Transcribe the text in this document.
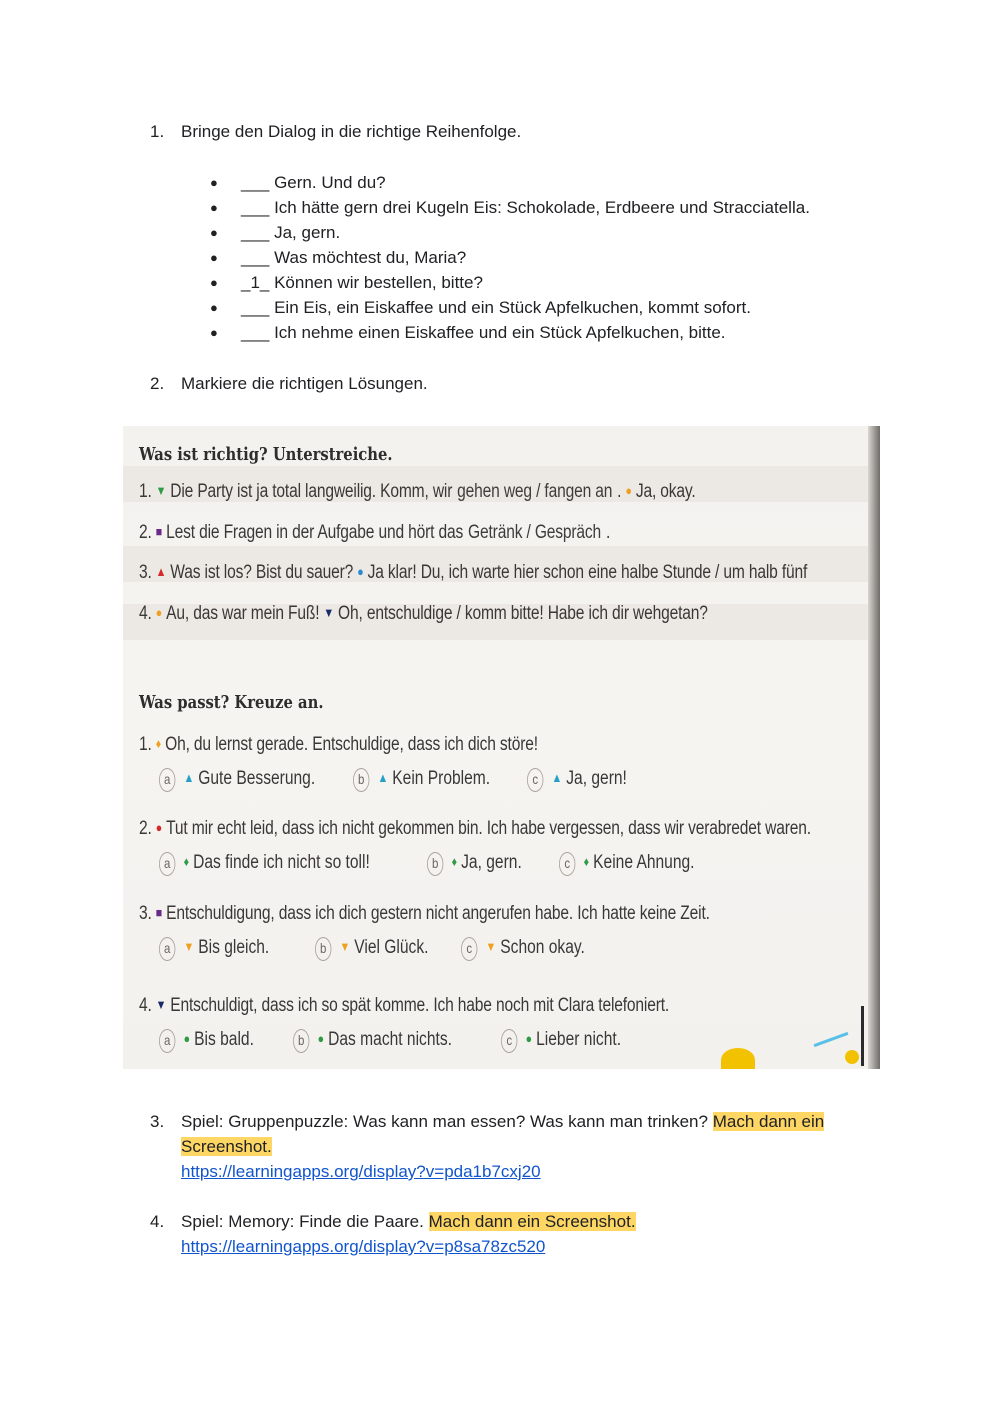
1. Bringe den Dialog in die richtige Reihenfolge.
● ___ Gern. Und du?
● ___ Ich hätte gern drei Kugeln Eis: Schokolade, Erdbeere und Stracciatella.
● ___ Ja, gern.
● ___ Was möchtest du, Maria?
● _1_ Können wir bestellen, bitte?
● ___ Ein Eis, ein Eiskaffee und ein Stück Apfelkuchen, kommt sofort.
● ___ Ich nehme einen Eiskaffee und ein Stück Apfelkuchen, bitte.
2. Markiere die richtigen Lösungen.
Was ist richtig? Unterstreiche.
Was passt? Kreuze an.
1. ▼ Die Party ist ja total langweilig. Komm, wir gehen weg / fangen an . ● Ja, okay.
2. ■ Lest die Fragen in der Aufgabe und hört das Getränk / Gespräch .
3. ▲ Was ist los? Bist du sauer? ● Ja klar! Du, ich warte hier schon eine halbe Stunde / um halb fünf
4. ● Au, das war mein Fuß! ▼ Oh, entschuldige / komm bitte! Habe ich dir wehgetan?
1. ♦ Oh, du lernst gerade. Entschuldige, dass ich dich störe!
a ▲ Gute Besserung.	b ▲ Kein Problem.	c ▲ Ja, gern!
2. ● Tut mir echt leid, dass ich nicht gekommen bin. Ich habe vergessen, dass wir verabredet waren.
a ♦ Das finde ich nicht so toll!	b ♦ Ja, gern.	c ♦ Keine Ahnung.
3. ■ Entschuldigung, dass ich dich gestern nicht angerufen habe. Ich hatte keine Zeit.
a ▼ Bis gleich.	b ▼ Viel Glück.	c ▼ Schon okay.
4. ▼ Entschuldigt, dass ich so spät komme. Ich habe noch mit Clara telefoniert.
a ● Bis bald.	b ● Das macht nichts.	c ● Lieber nicht.
3. Spiel: Gruppenpuzzle: Was kann man essen? Was kann man trinken? Mach dann ein Screenshot.
https://learningapps.org/display?v=pda1b7cxj20
4. Spiel: Memory: Finde die Paare. Mach dann ein Screenshot.
https://learningapps.org/display?v=p8sa78zc520
